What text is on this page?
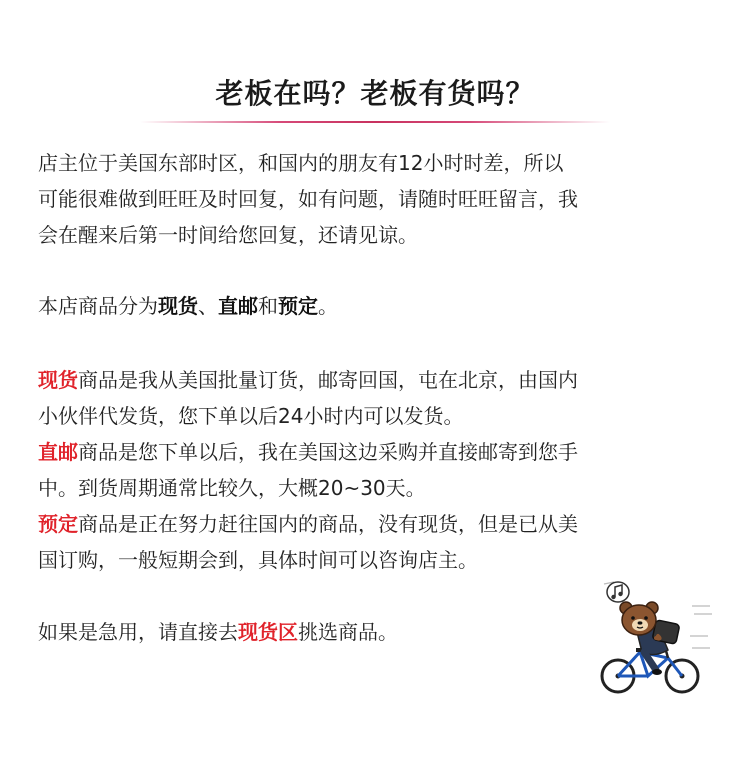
老板在吗？老板有货吗？
店主位于美国东部时区，和国内的朋友有12小时时差，所以
可能很难做到旺旺及时回复，如有问题，请随时旺旺留言，我
会在醒来后第一时间给您回复，还请见谅。
本店商品分为现货、直邮和预定。
现货商品是我从美国批量订货，邮寄回国，屯在北京，由国内
小伙伴代发货，您下单以后24小时内可以发货。
直邮商品是您下单以后，我在美国这边采购并直接邮寄到您手
中。到货周期通常比较久，大概20~30天。
预定商品是正在努力赶往国内的商品，没有现货，但是已从美
国订购，一般短期会到，具体时间可以咨询店主。
如果是急用，请直接去现货区挑选商品。
